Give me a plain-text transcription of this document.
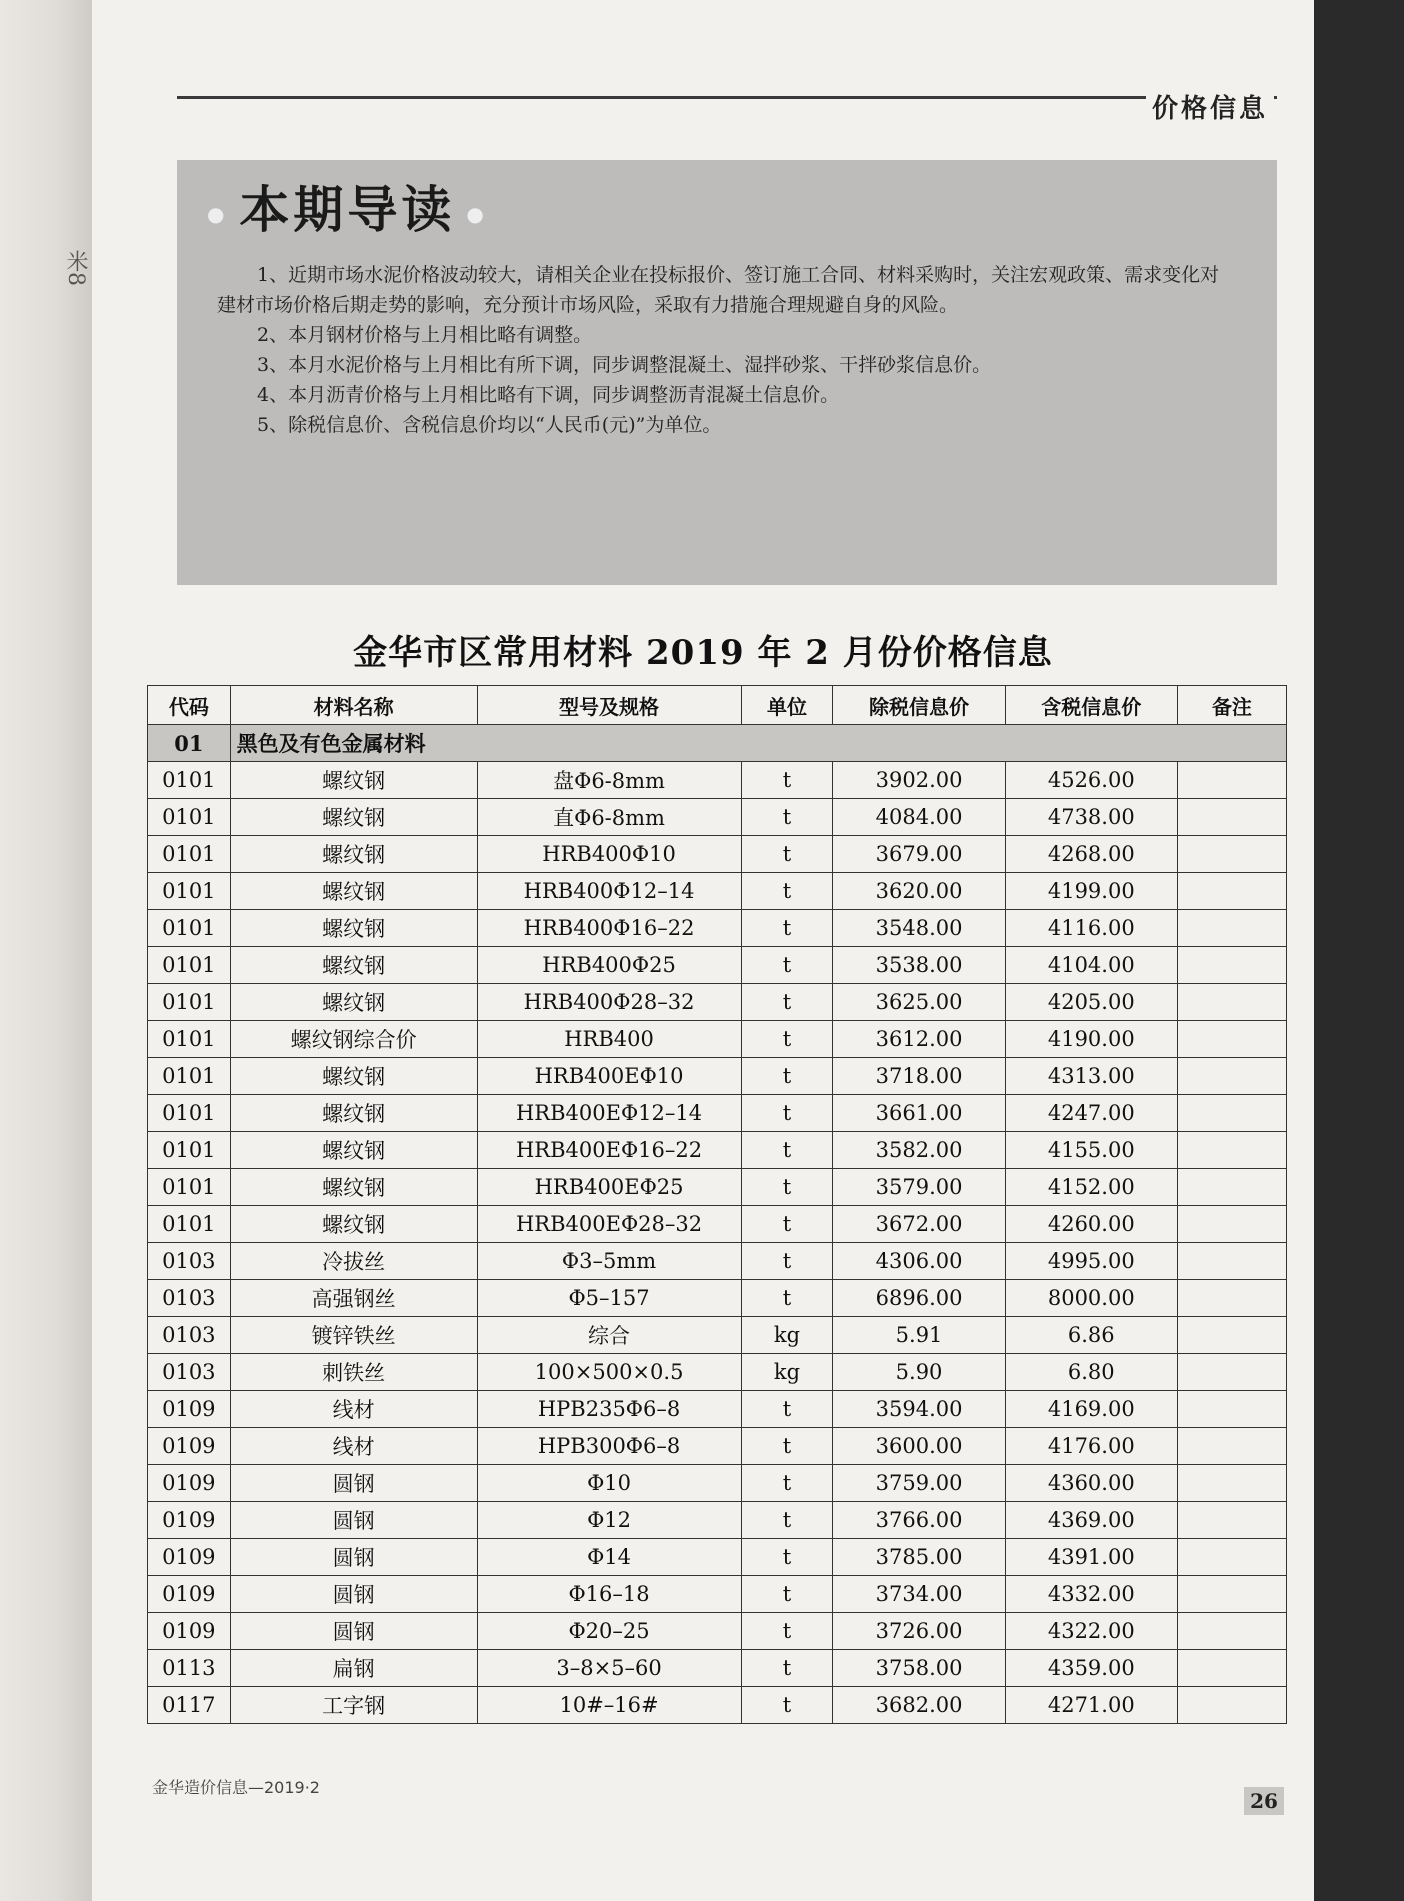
米8
价格信息
● 本期导读 ●

1、近期市场水泥价格波动较大，请相关企业在投标报价、签订施工合同、材料采购时，关注宏观政策、需求变化对建材市场价格后期走势的影响，充分预计市场风险，采取有力措施合理规避自身的风险。

2、本月钢材价格与上月相比略有调整。

3、本月水泥价格与上月相比有所下调，同步调整混凝土、湿拌砂浆、干拌砂浆信息价。

4、本月沥青价格与上月相比略有下调，同步调整沥青混凝土信息价。

5、除税信息价、含税信息价均以“人民币(元)”为单位。

金华市区常用材料 2019 年 2 月份价格信息
代码	材料名称	型号及规格	单位	除税信息价	含税信息价	备注
01	黑色及有色金属材料					
0101	螺纹钢	盘Φ6-8mm	t	3902.00	4526.00	
0101	螺纹钢	直Φ6-8mm	t	4084.00	4738.00	
0101	螺纹钢	HRB400Φ10	t	3679.00	4268.00	
0101	螺纹钢	HRB400Φ12–14	t	3620.00	4199.00	
0101	螺纹钢	HRB400Φ16–22	t	3548.00	4116.00	
0101	螺纹钢	HRB400Φ25	t	3538.00	4104.00	
0101	螺纹钢	HRB400Φ28–32	t	3625.00	4205.00	
0101	螺纹钢综合价	HRB400	t	3612.00	4190.00	
0101	螺纹钢	HRB400EΦ10	t	3718.00	4313.00	
0101	螺纹钢	HRB400EΦ12–14	t	3661.00	4247.00	
0101	螺纹钢	HRB400EΦ16–22	t	3582.00	4155.00	
0101	螺纹钢	HRB400EΦ25	t	3579.00	4152.00	
0101	螺纹钢	HRB400EΦ28–32	t	3672.00	4260.00	
0103	冷拔丝	Φ3–5mm	t	4306.00	4995.00	
0103	高强钢丝	Φ5–157	t	6896.00	8000.00	
0103	镀锌铁丝	综合	kg	5.91	6.86	
0103	刺铁丝	100×500×0.5	kg	5.90	6.80	
0109	线材	HPB235Φ6–8	t	3594.00	4169.00	
0109	线材	HPB300Φ6–8	t	3600.00	4176.00	
0109	圆钢	Φ10	t	3759.00	4360.00	
0109	圆钢	Φ12	t	3766.00	4369.00	
0109	圆钢	Φ14	t	3785.00	4391.00	
0109	圆钢	Φ16–18	t	3734.00	4332.00	
0109	圆钢	Φ20–25	t	3726.00	4322.00	
0113	扁钢	3–8×5–60	t	3758.00	4359.00	
0117	工字钢	10#–16#	t	3682.00	4271.00	
金华造价信息—2019·2
26
